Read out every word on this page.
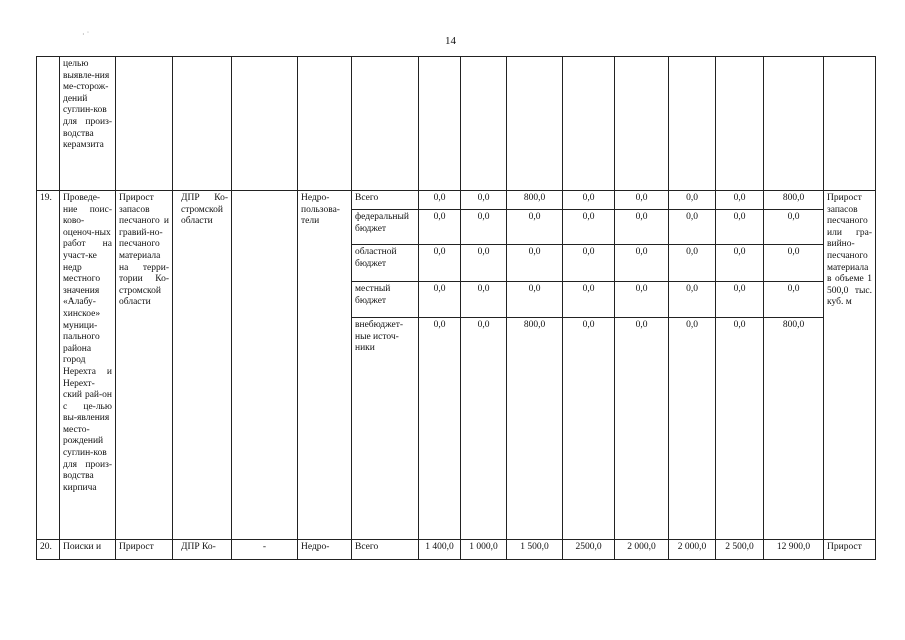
· ˙
14
	целью выявле-ния ме-сторож-дений суглин-ков для произ-водства керамзита														
19.	Проведе-ние поис-ково-оценоч-ных работ на участ-ке недр местного значения «Алабу-хинское» муници-пального района город Нерехта и Нерехт-ский рай-он с це-лью вы-явления место-рождений суглин-ков для произ-водства кирпича	Прирост запасов песчаного и гравий-но-песчаного материала на терри-тории Ко-стромской области	ДПР Ко-стромской области		Недро-пользова-тели	Всего	0,0	0,0	800,0	0,0	0,0	0,0	0,0	800,0	Прирост запасов песчаного или гра-вийно-песчаного материала в объеме 1 500,0 тыс. куб. м
						федеральный бюджет	0,0	0,0	0,0	0,0	0,0	0,0	0,0	0,0	
						областной бюджет	0,0	0,0	0,0	0,0	0,0	0,0	0,0	0,0	
						местный бюджет	0,0	0,0	0,0	0,0	0,0	0,0	0,0	0,0	
						внебюджет-ные источ-ники	0,0	0,0	800,0	0,0	0,0	0,0	0,0	800,0	
20.	Поиски и	Прирост	ДПР Ко-	-	Недро-	Всего	1 400,0	1 000,0	1 500,0	2500,0	2 000,0	2 000,0	2 500,0	12 900,0	Прирост
